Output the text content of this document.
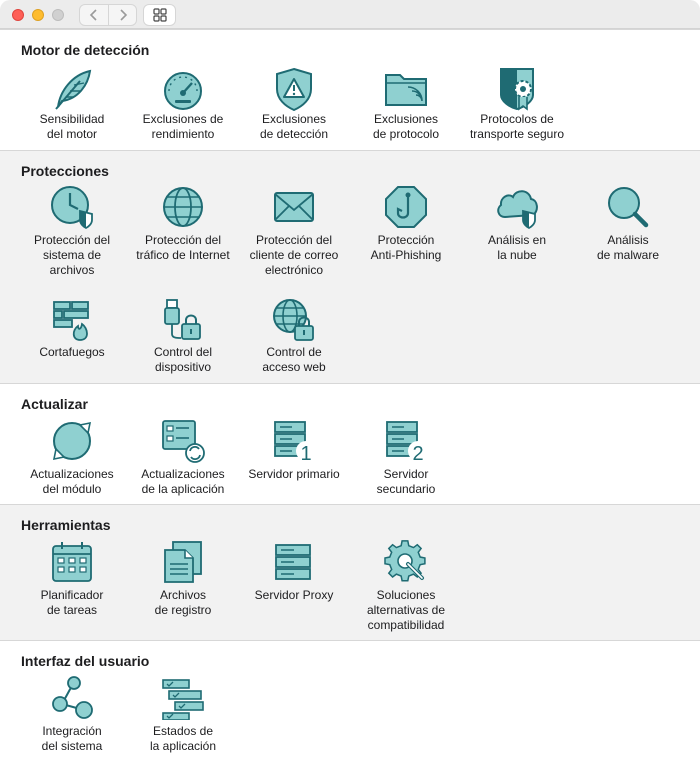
Motor de detección
Sensibilidad
del motor
Exclusiones de
rendimiento
Exclusiones
de detección
Exclusiones
de protocolo
Protocolos de
transporte seguro
Protecciones
Protección del
sistema de
archivos
Protección del
tráfico de Internet
Protección del
cliente de correo
electrónico
Protección
Anti-Phishing
Análisis en
la nube
Análisis
de malware
Cortafuegos	Control del
dispositivo
Control de
acceso web
Actualizar
Actualizaciones
del módulo
Actualizaciones
de la aplicación
1
Servidor primario
2
Servidor
secundario
Herramientas
Planificador
de tareas
Archivos
de registro
Servidor Proxy	Soluciones
alternativas de
compatibilidad
Interfaz del usuario
Integración
del sistema
Estados de
la aplicación
